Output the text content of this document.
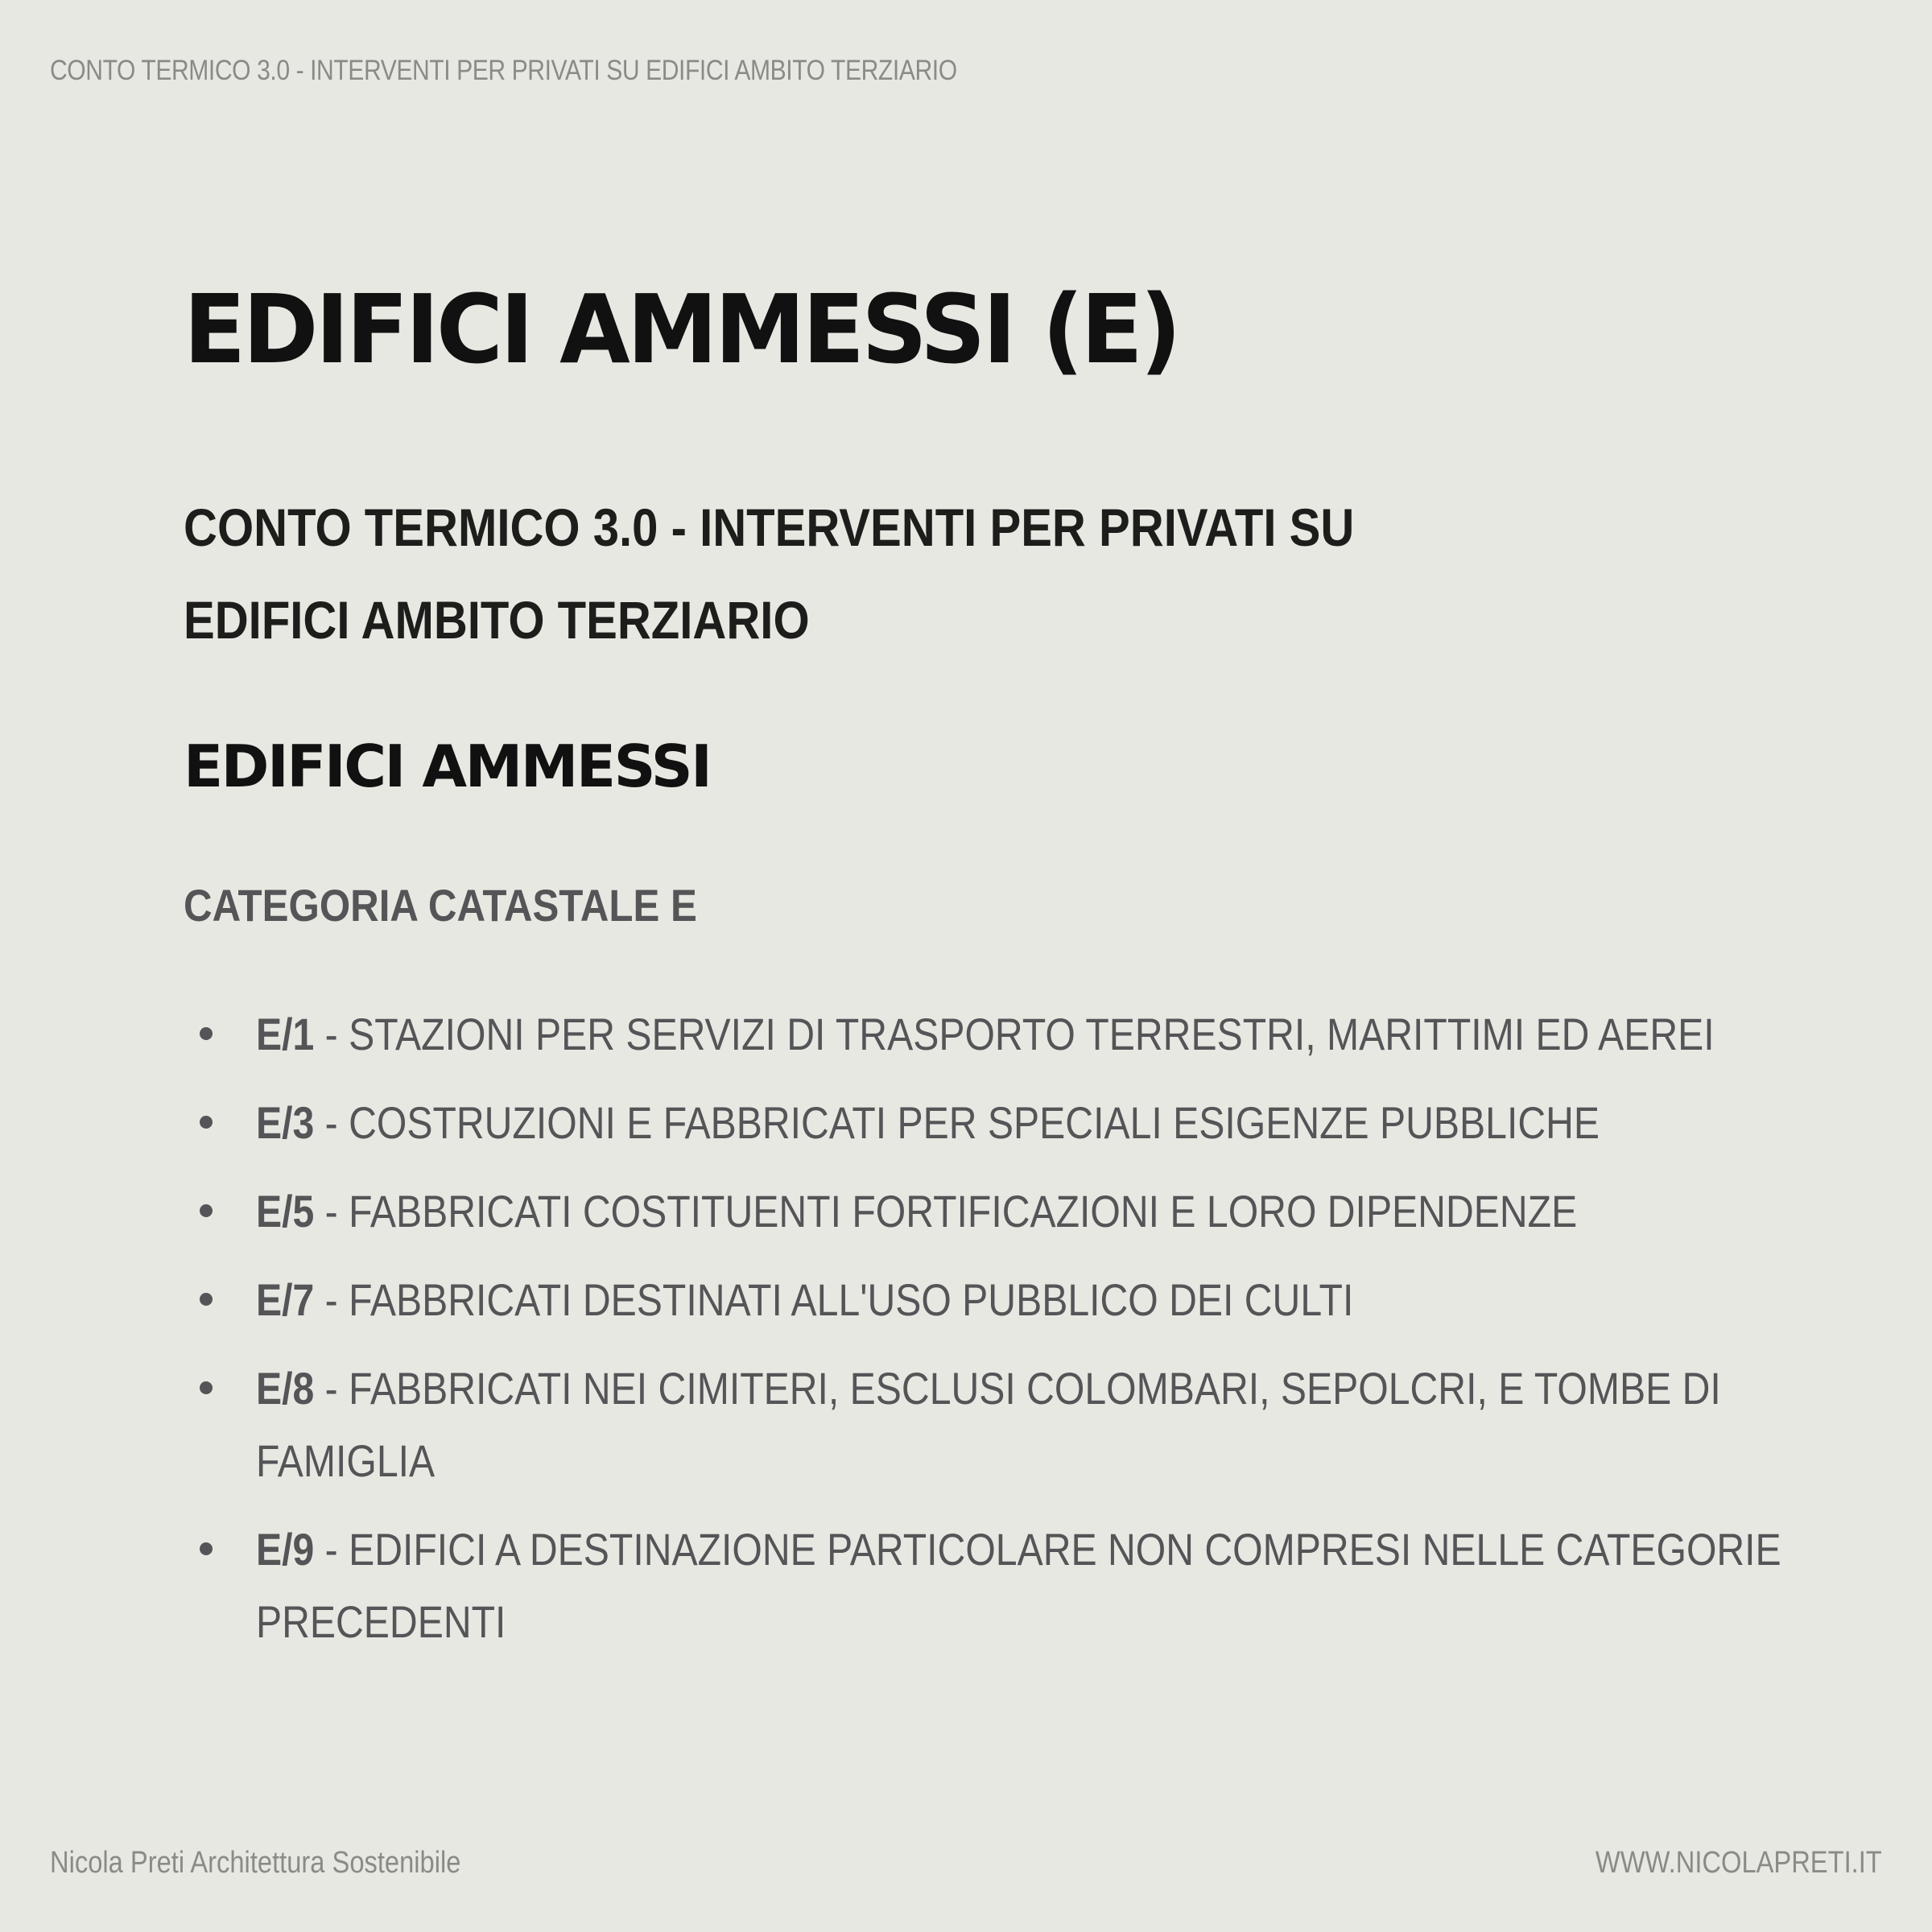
CONTO TERMICO 3.0 - INTERVENTI PER PRIVATI SU EDIFICI AMBITO TERZIARIO
EDIFICI AMMESSI (E)
CONTO TERMICO 3.0 - INTERVENTI PER PRIVATI SU EDIFICI AMBITO TERZIARIO
EDIFICI AMMESSI
CATEGORIA CATASTALE E
E/1 - STAZIONI PER SERVIZI DI TRASPORTO TERRESTRI, MARITTIMI ED AEREI
E/3 - COSTRUZIONI E FABBRICATI PER SPECIALI ESIGENZE PUBBLICHE
E/5 - FABBRICATI COSTITUENTI FORTIFICAZIONI E LORO DIPENDENZE
E/7 - FABBRICATI DESTINATI ALL'USO PUBBLICO DEI CULTI
E/8 - FABBRICATI NEI CIMITERI, ESCLUSI COLOMBARI, SEPOLCRI, E TOMBE DI FAMIGLIA
E/9 - EDIFICI A DESTINAZIONE PARTICOLARE NON COMPRESI NELLE CATEGORIE PRECEDENTI
Nicola Preti Architettura Sostenibile	WWW.NICOLAPRETI.IT
